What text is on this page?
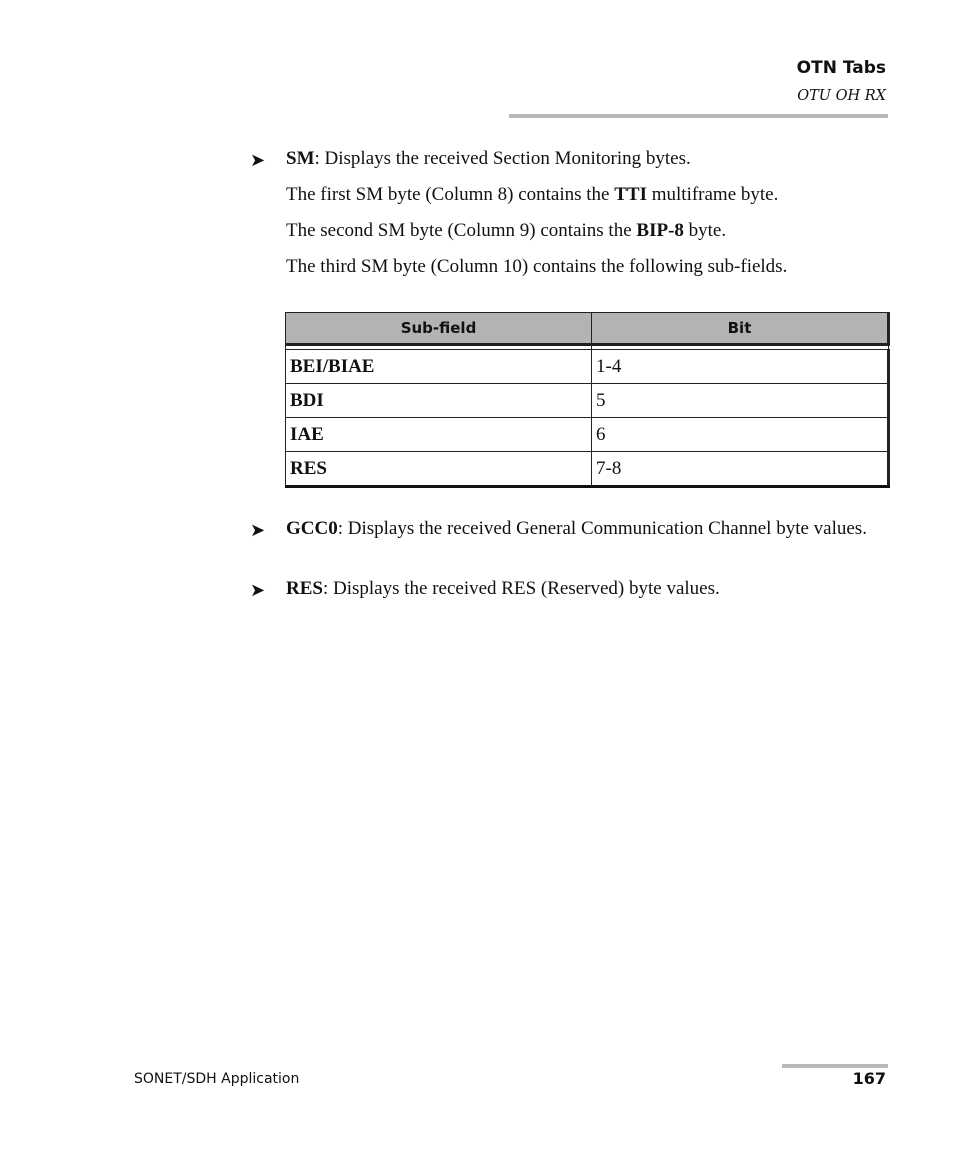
OTN Tabs
OTU OH RX
➤ SM: Displays the received Section Monitoring bytes.
The first SM byte (Column 8) contains the TTI multiframe byte.
The second SM byte (Column 9) contains the BIP-8 byte.
The third SM byte (Column 10) contains the following sub-fields.
Sub-field	Bit

BEI/BIAE	1-4
BDI	5
IAE	6
RES	7-8
➤ GCC0: Displays the received General Communication Channel byte values.
➤ RES: Displays the received RES (Reserved) byte values.
SONET/SDH Application	167
